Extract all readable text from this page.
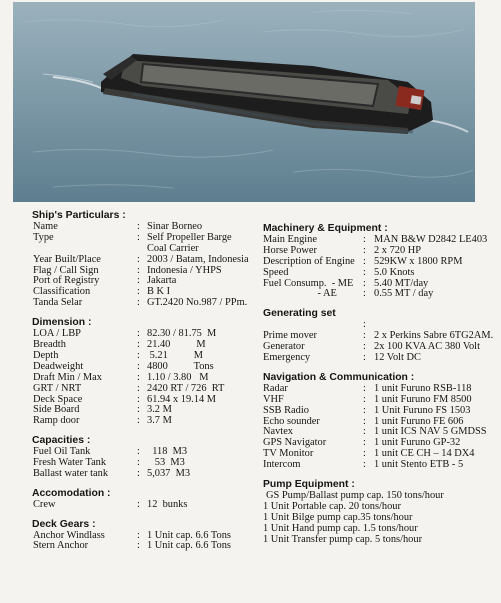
Ship's Particulars :
Name	: Sinar Borneo
Type	: Self Propeller Barge
Coal Carrier
Year Built/Place	: 2003 / Batam, Indonesia
Flag / Call Sign	: Indonesia / YHPS
Port of Registry	: Jakarta
Classification	: B K I
Tanda Selar	: GT.2420 No.987 / PPm.
Dimension :
LOA / LBP	: 82.30 / 81.75  M
Breadth	: 21.40          M
Depth	: 5.21          M
Deadweight	: 4800          Tons
Draft Min / Max	: 1.10 / 3.80   M
GRT / NRT	: 2420 RT / 726  RT
Deck Space	: 61.94 x 19.14 M
Side Board	: 3.2 M
Ramp door	: 3.7 M
Capacities :
Fuel Oil Tank	: 118  M3
Fresh Water Tank	: 53  M3
Ballast water tank	: 5,037  M3
Accomodation :
Crew	: 12  bunks
Deck Gears :
Anchor Windlass	: 1 Unit cap. 6.6 Tons
Stern Anchor	: 1 Unit cap. 6.6 Tons
Machinery & Equipment :
Main Engine	: MAN B&W D2842 LE403
Horse Power	: 2 x 720 HP
Description of Engine : 529KW x 1800 RPM
Speed	: 5.0 Knots
Fuel Consump.  - ME : 5.40 MT/day
- AE	: 0.55 MT / day
Generating set
:
Prime mover	: 2 x Perkins Sabre 6TG2AM.
Generator	: 2x 100 KVA AC 380 Volt
Emergency	: 12 Volt DC
Navigation & Communication :
Radar	: 1 unit Furuno RSB-118
VHF	: 1 unit Furuno FM 8500
SSB Radio	: 1 Unit Furuno FS 1503
Echo sounder	: 1 unit Furuno FE 606
Navtex	: 1 unit ICS NAV 5 GMDSS
GPS Navigator	: 1 unit Furuno GP-32
TV Monitor	: 1 unit CE CH – 14 DX4
Intercom	: 1 unit Stento ETB - 5
Pump Equipment :
GS Pump/Ballast pump cap. 150 tons/hour
1 Unit Portable cap. 20 tons/hour
1 Unit Bilge pump cap.35 tons/hour
1 Unit Hand pump cap. 1.5 tons/hour
1 Unit Transfer pump cap. 5 tons/hour
